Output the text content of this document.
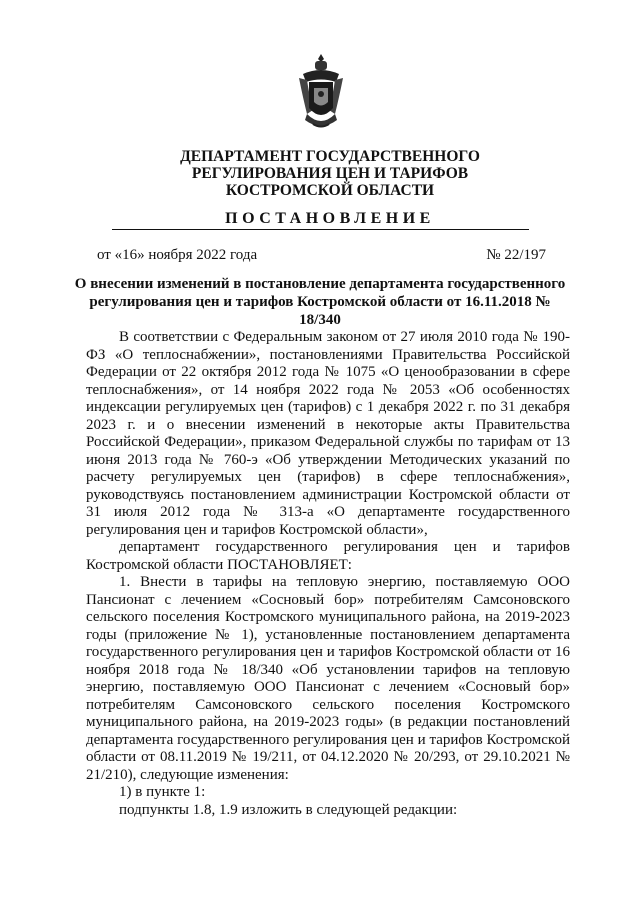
ДЕПАРТАМЕНТ ГОСУДАРСТВЕННОГО
РЕГУЛИРОВАНИЯ ЦЕН И ТАРИФОВ
КОСТРОМСКОЙ ОБЛАСТИ
ПОСТАНОВЛЕНИЕ
от «16» ноября 2022 года	№ 22/197
О внесении изменений в постановление департамента государственного регулирования цен и тарифов Костромской области от 16.11.2018 № 18/340

В соответствии с Федеральным законом от 27 июля 2010 года № 190-ФЗ «О теплоснабжении», постановлениями Правительства Российской Федерации от 22 октября 2012 года № 1075 «О ценообразовании в сфере теплоснабжения», от 14 ноября 2022 года № 2053 «Об особенностях индексации регулируемых цен (тарифов) с 1 декабря 2022 г. по 31 декабря 2023 г. и о внесении изменений в некоторые акты Правительства Российской Федерации», приказом Федеральной службы по тарифам от 13 июня 2013 года № 760-э «Об утверждении Методических указаний по расчету регулируемых цен (тарифов) в сфере теплоснабжения», руководствуясь постановлением администрации Костромской области от 31 июля 2012 года № 313-а «О департаменте государственного регулирования цен и тарифов Костромской области»,

департамент государственного регулирования цен и тарифов Костромской области ПОСТАНОВЛЯЕТ:

1. Внести в тарифы на тепловую энергию, поставляемую ООО Пансионат с лечением «Сосновый бор» потребителям Самсоновского сельского поселения Костромского муниципального района, на 2019-2023 годы (приложение № 1), установленные постановлением департамента государственного регулирования цен и тарифов Костромской области от 16 ноября 2018 года № 18/340 «Об установлении тарифов на тепловую энергию, поставляемую ООО Пансионат с лечением «Сосновый бор» потребителям Самсоновского сельского поселения Костромского муниципального района, на 2019-2023 годы» (в редакции постановлений департамента государственного регулирования цен и тарифов Костромской области от 08.11.2019 № 19/211, от 04.12.2020 № 20/293, от 29.10.2021 № 21/210), следующие изменения:

1) в пункте 1:

подпункты 1.8, 1.9 изложить в следующей редакции:
